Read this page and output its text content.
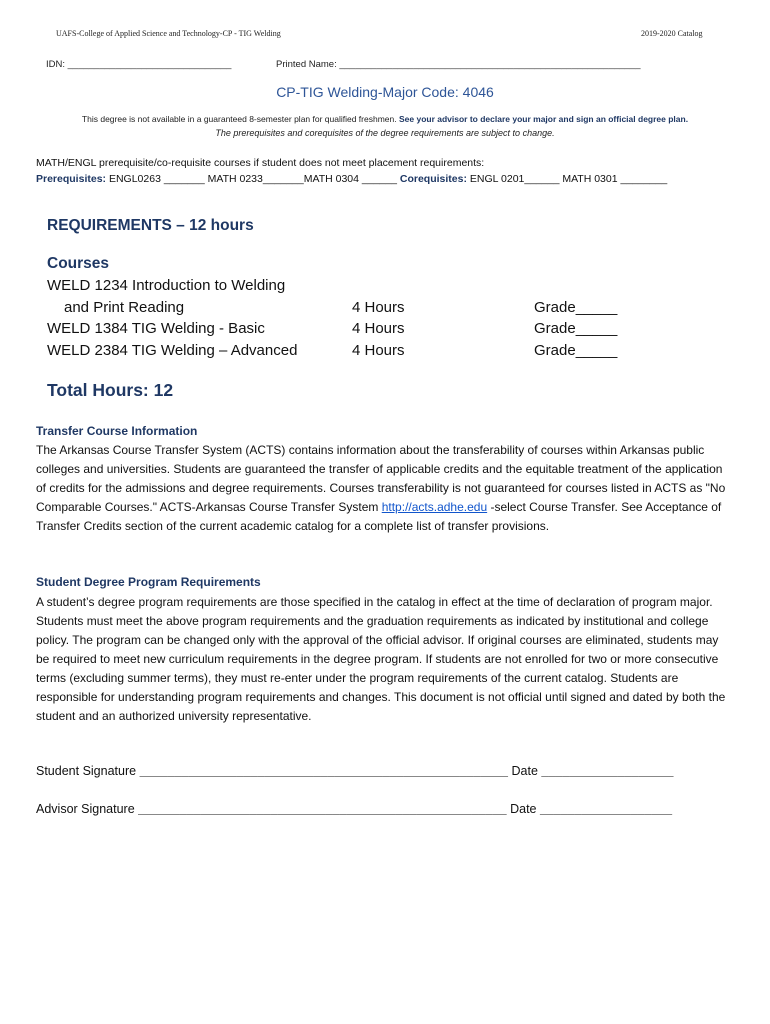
UAFS-College of Applied Science and Technology-CP - TIG Welding	2019-2020 Catalog
IDN: _______________________________	Printed Name: _________________________________________________________
CP-TIG Welding-Major Code: 4046
This degree is not available in a guaranteed 8-semester plan for qualified freshmen. See your advisor to declare your major and sign an official degree plan.
The prerequisites and corequisites of the degree requirements are subject to change.
MATH/ENGL prerequisite/co-requisite courses if student does not meet placement requirements:
Prerequisites: ENGL0263 _______ MATH 0233_______MATH 0304 ______ Corequisites: ENGL 0201______ MATH 0301 ________
REQUIREMENTS – 12 hours
Courses
WELD 1234 Introduction to Welding
and Print Reading	4 Hours	Grade_____
WELD 1384 TIG Welding - Basic	4 Hours	Grade_____
WELD 2384 TIG Welding – Advanced	4 Hours	Grade_____
Total Hours: 12
Transfer Course Information
The Arkansas Course Transfer System (ACTS) contains information about the transferability of courses within Arkansas public colleges and universities. Students are guaranteed the transfer of applicable credits and the equitable treatment of the application of credits for the admissions and degree requirements. Courses transferability is not guaranteed for courses listed in ACTS as "No Comparable Courses." ACTS-Arkansas Course Transfer System http://acts.adhe.edu -select Course Transfer. See Acceptance of Transfer Credits section of the current academic catalog for a complete list of transfer provisions.
Student Degree Program Requirements
A student’s degree program requirements are those specified in the catalog in effect at the time of declaration of program major. Students must meet the above program requirements and the graduation requirements as indicated by institutional and college policy. The program can be changed only with the approval of the official advisor. If original courses are eliminated, students may be required to meet new curriculum requirements in the degree program. If students are not enrolled for two or more consecutive terms (excluding summer terms), they must re-enter under the program requirements of the current catalog. Students are responsible for understanding program requirements and changes. This document is not official until signed and dated by both the student and an authorized university representative.
Student Signature _____________________________________________________ Date ___________________
Advisor Signature _____________________________________________________ Date ___________________
